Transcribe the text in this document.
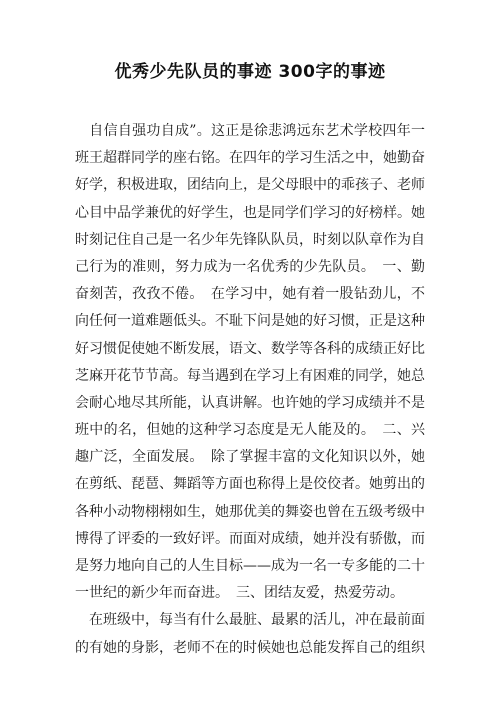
优秀少先队员的事迹 300字的事迹
　自信自强功自成”。这正是徐悲鸿远东艺术学校四年一
班王超群同学的座右铭。在四年的学习生活之中，她勤奋
好学，积极进取，团结向上，是父母眼中的乖孩子、老师
心目中品学兼优的好学生，也是同学们学习的好榜样。她
时刻记住自己是一名少年先锋队队员，时刻以队章作为自
己行为的准则，努力成为一名优秀的少先队员。　一、勤
奋刻苦，孜孜不倦。　在学习中，她有着一股钻劲儿，不
向任何一道难题低头。不耻下问是她的好习惯，正是这种
好习惯促使她不断发展，语文、数学等各科的成绩正好比
芝麻开花节节高。每当遇到在学习上有困难的同学，她总
会耐心地尽其所能，认真讲解。也许她的学习成绩并不是
班中的名，但她的这种学习态度是无人能及的。　二、兴
趣广泛，全面发展。　除了掌握丰富的文化知识以外，她
在剪纸、琵琶、舞蹈等方面也称得上是佼佼者。她剪出的
各种小动物栩栩如生，她那优美的舞姿也曾在五级考级中
博得了评委的一致好评。而面对成绩，她并没有骄傲，而
是努力地向自己的人生目标——成为一名一专多能的二十
一世纪的新少年而奋进。　三、团结友爱，热爱劳动。
　在班级中，每当有什么最脏、最累的活儿，冲在最前面
的有她的身影，老师不在的时候她也总能发挥自己的组织
